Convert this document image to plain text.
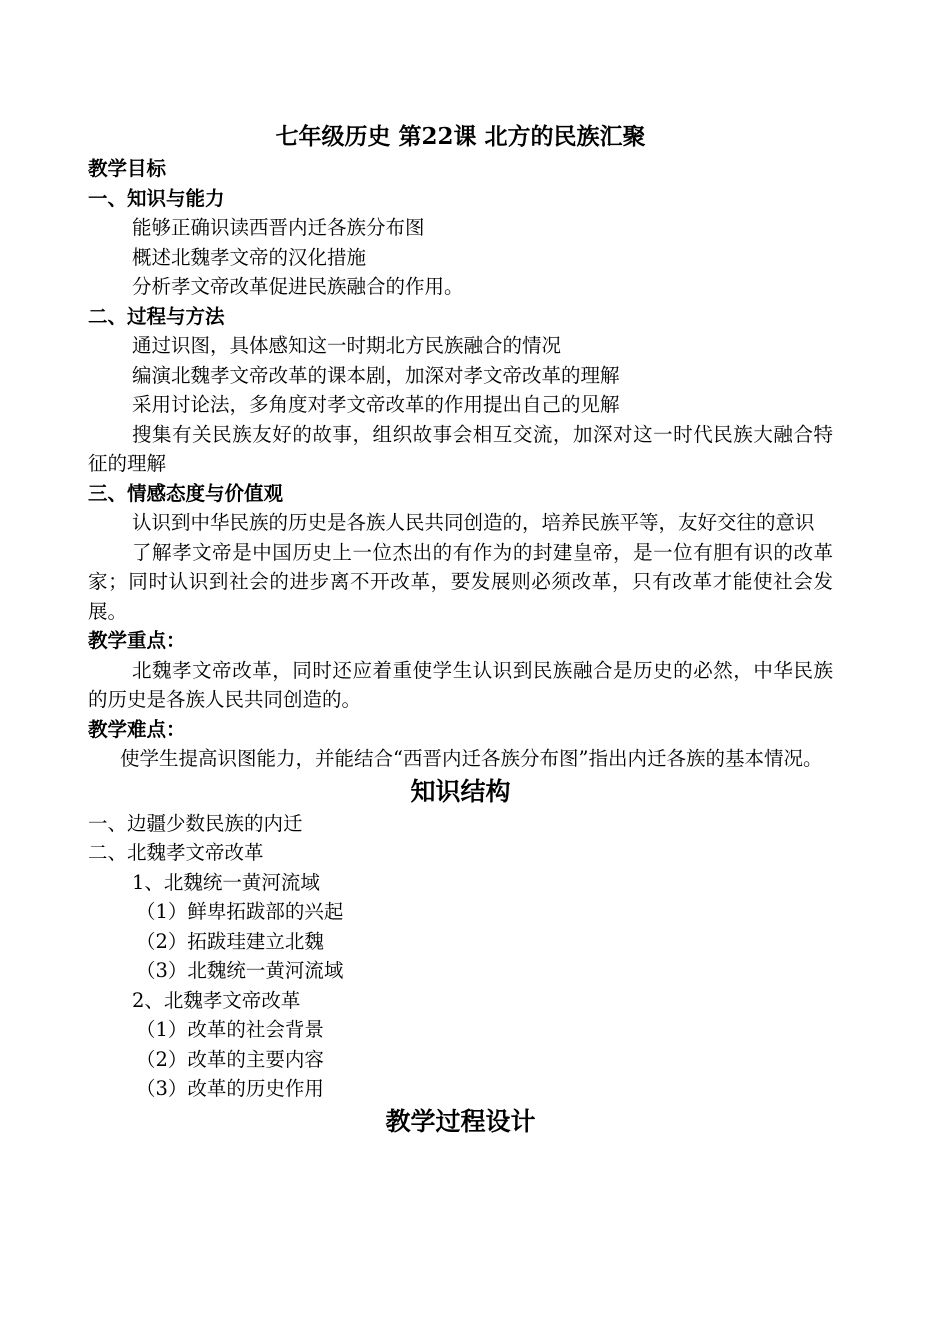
七年级历史 第22课 北方的民族汇聚
教学目标
一、知识与能力
能够正确识读西晋内迁各族分布图
概述北魏孝文帝的汉化措施
分析孝文帝改革促进民族融合的作用。
二、过程与方法
通过识图，具体感知这一时期北方民族融合的情况
编演北魏孝文帝改革的课本剧，加深对孝文帝改革的理解
采用讨论法，多角度对孝文帝改革的作用提出自己的见解
搜集有关民族友好的故事，组织故事会相互交流，加深对这一时代民族大融合特征的理解
三、情感态度与价值观
认识到中华民族的历史是各族人民共同创造的，培养民族平等，友好交往的意识
了解孝文帝是中国历史上一位杰出的有作为的封建皇帝，是一位有胆有识的改革家；同时认识到社会的进步离不开改革，要发展则必须改革，只有改革才能使社会发展。
教学重点：
北魏孝文帝改革，同时还应着重使学生认识到民族融合是历史的必然，中华民族的历史是各族人民共同创造的。
教学难点：
使学生提高识图能力，并能结合“西晋内迁各族分布图”指出内迁各族的基本情况。
知识结构
一、边疆少数民族的内迁
二、北魏孝文帝改革
1、北魏统一黄河流域
（1）鲜卑拓跋部的兴起
（2）拓跋珪建立北魏
（3）北魏统一黄河流域
2、北魏孝文帝改革
（1）改革的社会背景
（2）改革的主要内容
（3）改革的历史作用
教学过程设计
